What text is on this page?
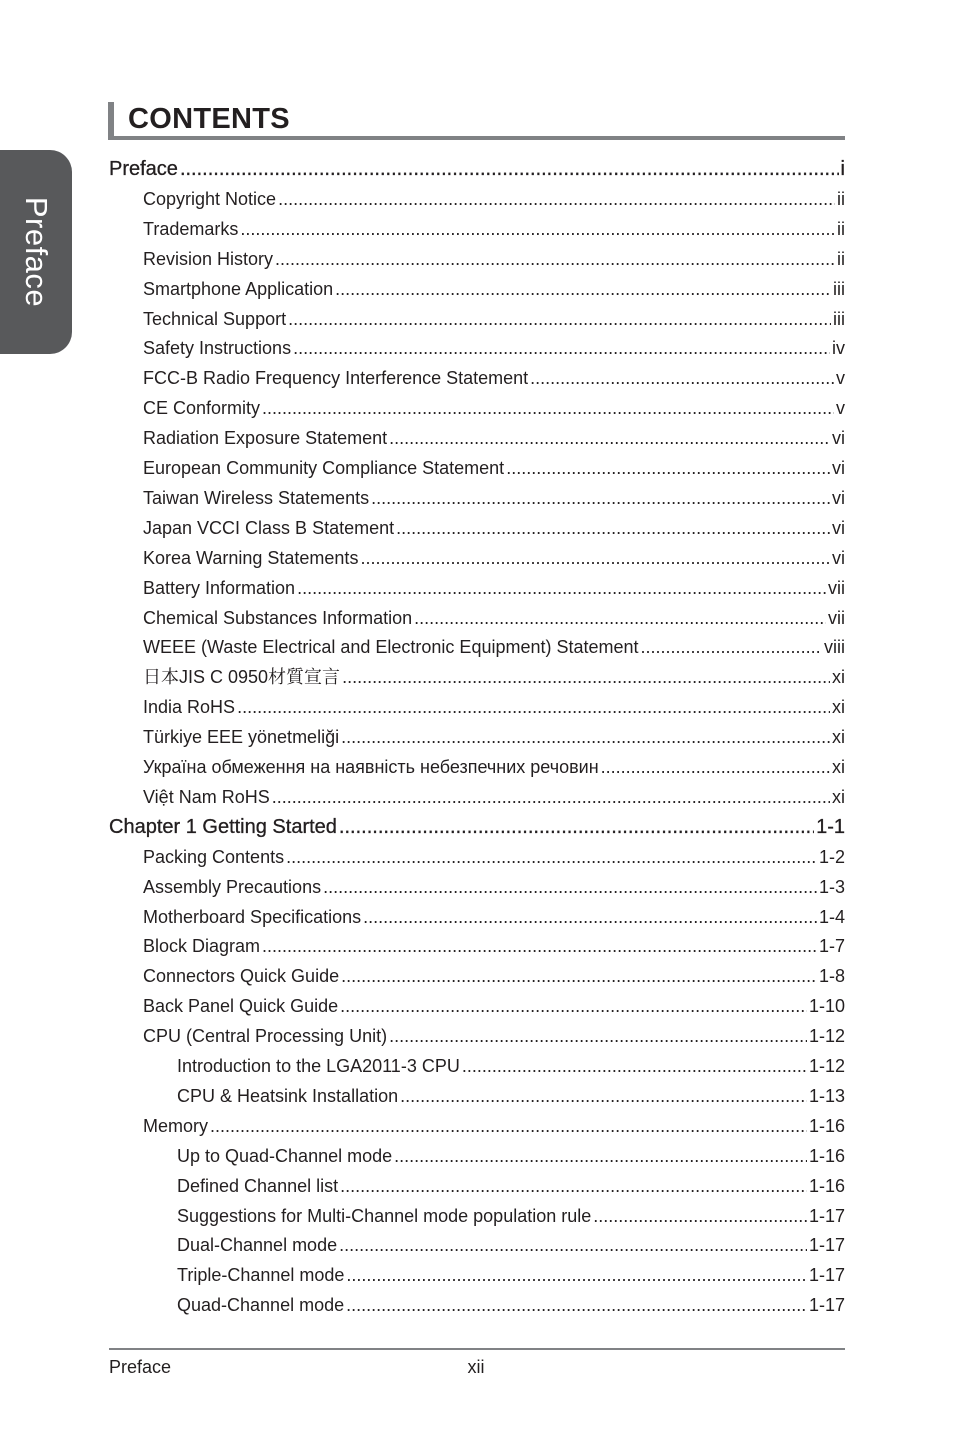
Preface
CONTENTS
Preface .....	i
Copyright Notice .....	ii
Trademarks .....	ii
Revision History .....	ii
Smartphone Application .....	iii
Technical Support .....	iii
Safety Instructions .....	iv
FCC-B Radio Frequency Interference Statement .....	v
CE Conformity .....	v
Radiation Exposure Statement .....	vi
European Community Compliance Statement .....	vi
Taiwan Wireless Statements .....	vi
Japan VCCI Class B Statement .....	vi
Korea Warning Statements .....	vi
Battery Information .....	vii
Chemical Substances Information .....	vii
WEEE (Waste Electrical and Electronic Equipment) Statement .....	viii
日本JIS C 0950材質宣言 .....	xi
India RoHS .....	xi
Türkiye EEE yönetmeliği .....	xi
Україна обмеження на наявність небезпечних речовин .....	xi
Việt Nam RoHS .....	xi
Chapter 1 Getting Started .....	1-1
Packing Contents .....	1-2
Assembly Precautions .....	1-3
Motherboard Specifications .....	1-4
Block Diagram .....	1-7
Connectors Quick Guide .....	1-8
Back Panel Quick Guide .....	1-10
CPU (Central Processing Unit) .....	1-12
Introduction to the LGA2011-3 CPU .....	1-12
CPU & Heatsink Installation .....	1-13
Memory .....	1-16
Up to Quad-Channel mode .....	1-16
Defined Channel list .....	1-16
Suggestions for Multi-Channel mode population rule .....	1-17
Dual-Channel mode .....	1-17
Triple-Channel mode .....	1-17
Quad-Channel mode .....	1-17
Preface	xii
